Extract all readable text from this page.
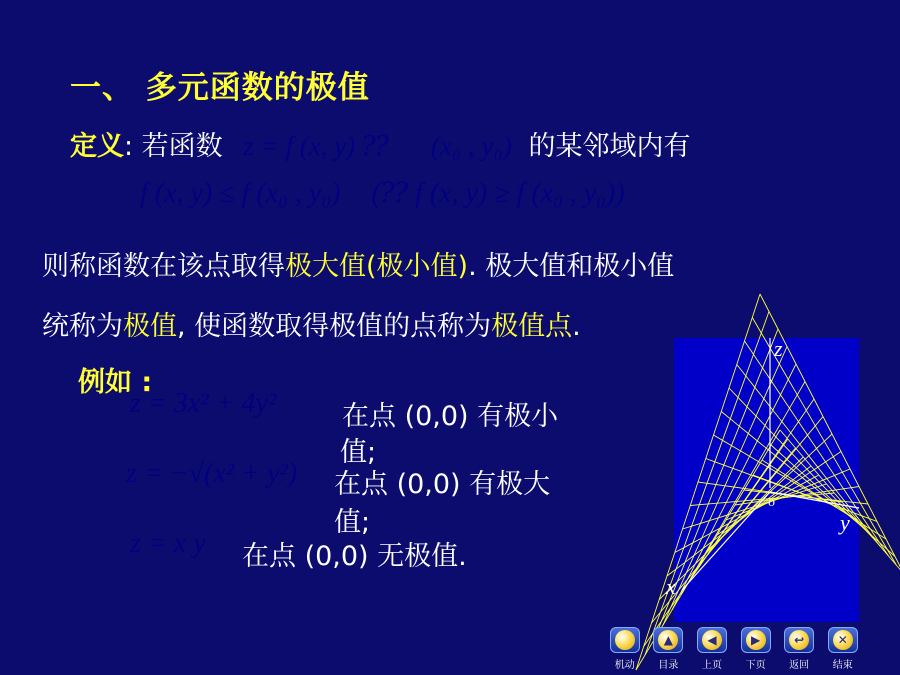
一、 多元函数的极值
定义: 若函数 z = f (x, y) ⁇ (x₀ , y₀) 的某邻域内有
f (x, y) ≤ f (x₀ , y₀) (⁇ f (x, y) ≥ f (x₀ , y₀))
则称函数在该点取得极大值(极小值). 极大值和极小值
统称为极值, 使函数取得极值的点称为极值点.
例如 :
z = 3x² + 4y² 在点 (0,0) 有极小
值;
z = −√(x² + y²) 在点 (0,0) 有极大
值;
z = x y 在点 (0,0) 无极值.
z
y
x
o
机动
▲
目录
◀
上页
▶
下页
↩
返回
✕
结束
